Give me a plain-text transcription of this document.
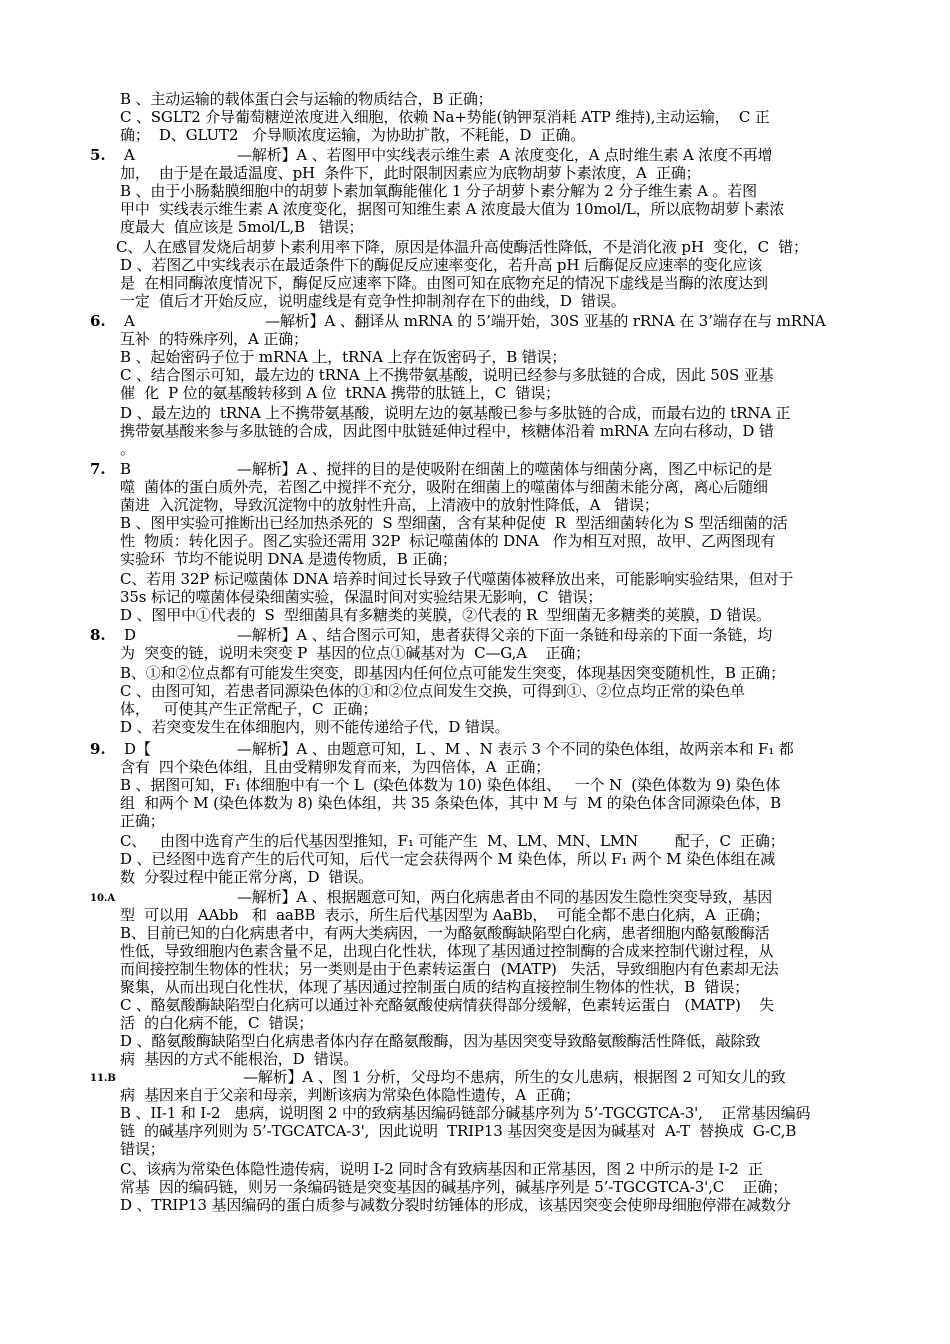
B 、主动运输的载体蛋白会与运输的物质结合，B 正确；
C 、SGLT2 介导葡萄糖逆浓度进入细胞，依赖 Na+势能(钠钾泵消耗 ATP 维持),主动运输，  C 正
确；  D、GLUT2   介导顺浓度运输，为协助扩散，不耗能，D  正确。
5. A	—解析】A 、若图甲中实线表示维生素  A 浓度变化，A 点时维生素 A 浓度不再增
加，  由于是在最适温度、pH  条件下，此时限制因素应为底物胡萝卜素浓度，A  正确；
B 、由于小肠黏膜细胞中的胡萝卜素加氧酶能催化 1 分子胡萝卜素分解为 2 分子维生素 A 。若图
甲中  实线表示维生素 A 浓度变化，据图可知维生素 A 浓度最大值为 10mol/L，所以底物胡萝卜素浓
度最大  值应该是 5mol/L,B   错误；
C、人在感冒发烧后胡萝卜素利用率下降，原因是体温升高使酶活性降低，不是消化液 pH  变化，C  错；
D 、若图乙中实线表示在最适条件下的酶促反应速率变化，若升高 pH 后酶促反应速率的变化应该
是  在相同酶浓度情况下，酶促反应速率下降。由图可知在底物充足的情况下虚线是当酶的浓度达到
一定  值后才开始反应，说明虚线是有竞争性抑制剂存在下的曲线，D  错误。
6. A	—解析】A 、翻译从 mRNA 的 5’端开始，30S 亚基的 rRNA 在 3’端存在与 mRNA
互补  的特殊序列，A 正确；
B 、起始密码子位于 mRNA 上，tRNA 上存在饭密码子，B 错误；
C 、结合图示可知，最左边的 tRNA 上不携带氨基酸，说明已经参与多肽链的合成，因此 50S 亚基
催  化  P 位的氨基酸转移到 A 位  tRNA 携带的肽链上，C  错误；
D 、最左边的  tRNA 上不携带氨基酸，说明左边的氨基酸已参与多肽链的合成，而最右边的 tRNA 正
携带氨基酸来参与多肽链的合成，因此图中肽链延伸过程中，核糖体沿着 mRNA 左向右移动，D 错
。
7. B	—解析】A 、搅拌的目的是使吸附在细菌上的噬菌体与细菌分离，图乙中标记的是
噬  菌体的蛋白质外壳，若图乙中搅拌不充分，吸附在细菌上的噬菌体与细菌未能分离，离心后随细
菌进  入沉淀物，导致沉淀物中的放射性升高，上清液中的放射性降低，A   错误；
B 、图甲实验可推断出已经加热杀死的  S 型细菌，含有某种促使  R  型活细菌转化为 S 型活细菌的活
性  物质：转化因子。图乙实验还需用 32P  标记噬菌体的 DNA   作为相互对照，故甲、乙两图现有
实验环  节均不能说明 DNA 是遗传物质，B 正确；
C、若用 32P 标记噬菌体 DNA 培养时间过长导致子代噬菌体被释放出来，可能影响实验结果，但对于
35s 标记的噬菌体侵染细菌实验，保温时间对实验结果无影响，C  错误；
D 、图甲中①代表的  S  型细菌具有多糖类的荚膜，②代表的 R  型细菌无多糖类的荚膜，D 错误。
8. D	—解析】A 、结合图示可知，患者获得父亲的下面一条链和母亲的下面一条链，均
为  突变的链，说明未突变 P  基因的位点①碱基对为  C—G,A    正确；
B、①和②位点都有可能发生突变，即基因内任何位点可能发生突变，体现基因突变随机性，B 正确；
C 、由图可知，若患者同源染色体的①和②位点间发生交换，可得到①、②位点均正常的染色单
体，   可使其产生正常配子，C  正确；
D 、若突变发生在体细胞内，则不能传递给子代，D 错误。
9. D【	—解析】A 、由题意可知，L 、M 、N 表示 3 个不同的染色体组，故两亲本和 F₁ 都
含有  四个染色体组，且由受精卵发育而来，为四倍体，A  正确；
B 、据图可知，F₁ 体细胞中有一个 L  (染色体数为 10) 染色体组、   一个 N  (染色体数为 9) 染色体
组  和两个 M (染色体数为 8) 染色体组，共 35 条染色体，其中 M 与  M 的染色体含同源染色体，B
正确；
C、   由图中选育产生的后代基因型推知，F₁ 可能产生  M、LM、MN、LMN        配子，C  正确；
D 、已经图中选育产生的后代可知，后代一定会获得两个 M 染色体，所以 F₁ 两个 M 染色体组在减
数  分裂过程中能正常分离，D  错误。
10.A	—解析】A 、根据题意可知，两白化病患者由不同的基因发生隐性突变导致，基因
型  可以用  AAbb   和  aaBB  表示，所生后代基因型为 AaBb，  可能全都不患白化病，A  正确；
B、目前已知的白化病患者中，有两大类病因，一为酪氨酸酶缺陷型白化病，患者细胞内酪氨酸酶活
性低，导致细胞内色素含量不足，出现白化性状，体现了基因通过控制酶的合成来控制代谢过程，从
而间接控制生物体的性状；另一类则是由于色素转运蛋白  (MATP)   失活，导致细胞内有色素却无法
聚集，从而出现白化性状，体现了基因通过控制蛋白质的结构直接控制生物体的性状，B  错误；
C 、酪氨酸酶缺陷型白化病可以通过补充酪氨酸使病情获得部分缓解，色素转运蛋白   (MATP)    失
活  的白化病不能，C  错误；
D 、酪氨酸酶缺陷型白化病患者体内存在酪氨酸酶，因为基因突变导致酪氨酸酶活性降低，敲除致
病  基因的方式不能根治，D  错误。
11.B	—解析】A 、图 1 分析，父母均不患病，所生的女儿患病，根据图 2 可知女儿的致
病  基因来自于父亲和母亲，判断该病为常染色体隐性遗传，A  正确；
B 、II-1 和 I-2   患病，说明图 2 中的致病基因编码链部分碱基序列为 5’-TGCGTCA-3',    正常基因编码
链  的碱基序列则为 5’-TGCATCA-3',  因此说明  TRIP13 基因突变是因为碱基对  A-T  替换成  G-C,B
错误；
C、该病为常染色体隐性遗传病，说明 I-2 同时含有致病基因和正常基因，图 2 中所示的是 I-2  正
常基  因的编码链，则另一条编码链是突变基因的碱基序列，碱基序列是 5’-TGCGTCA-3',C    正确；
D 、TRIP13 基因编码的蛋白质参与减数分裂时纺锤体的形成，该基因突变会使卵母细胞停滞在减数分
